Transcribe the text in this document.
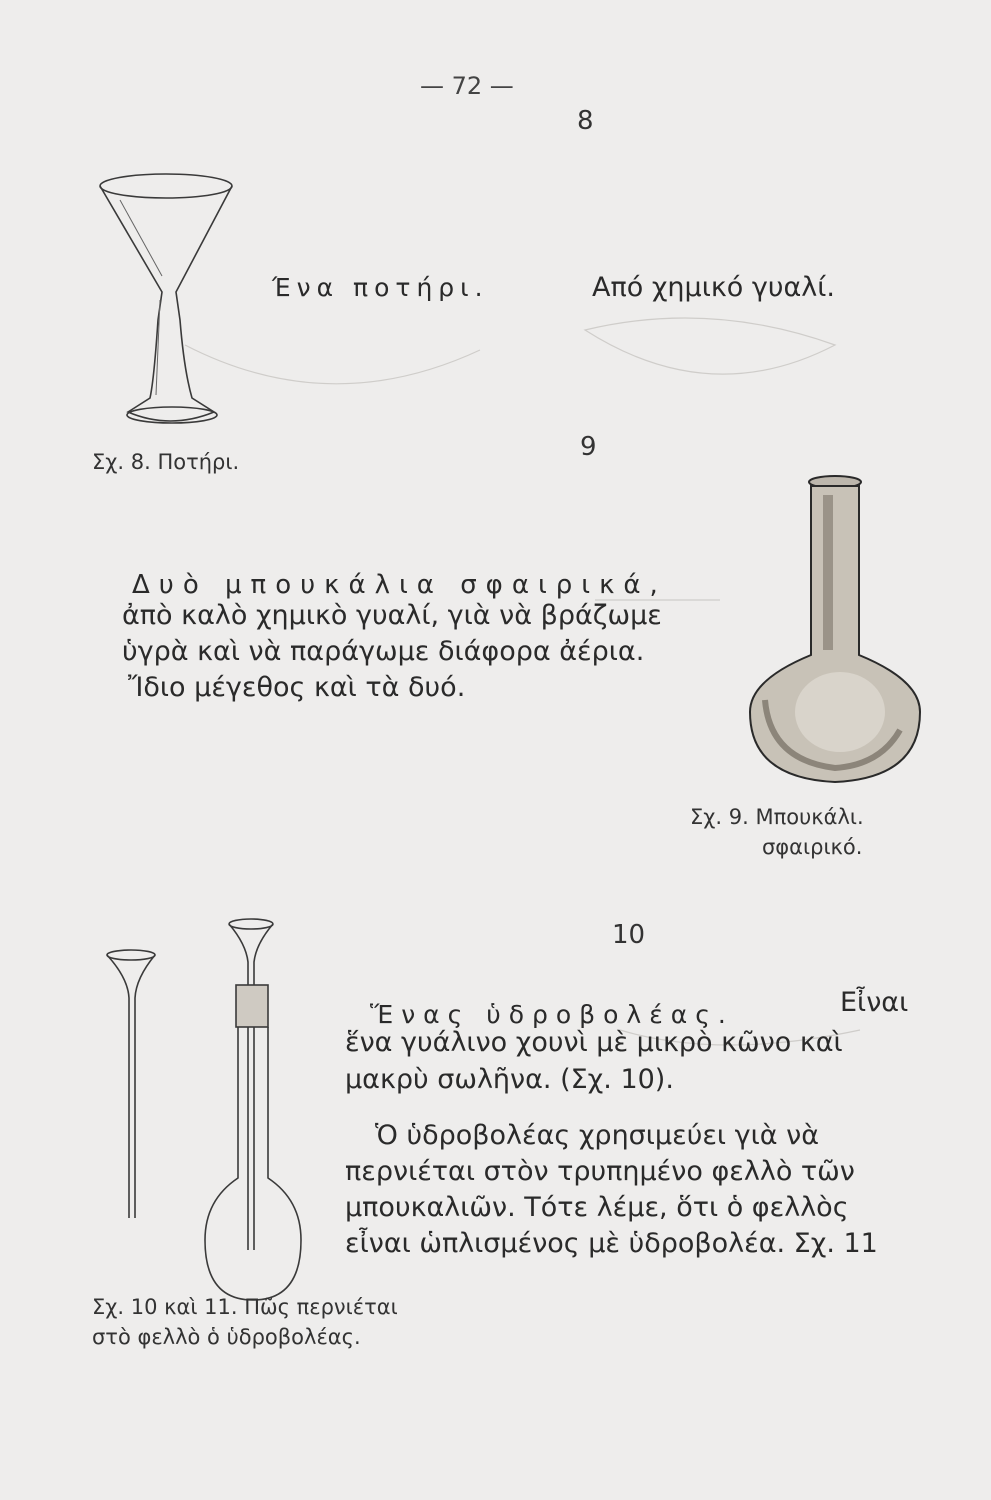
— 72 —
8
Ένα ποτήρι.	Από χημικό γυαλί.
Σχ. 8. Ποτήρι.	9
Δυὸ μπουκάλια σφαιρικά,
ἀπὸ καλὸ χημικὸ γυαλί, γιὰ νὰ βράζωμε
ὑγρὰ καὶ νὰ παράγωμε διάφορα ἀέρια.
Ἴδιο μέγεθος καὶ τὰ δυό.
Σχ. 9. Μπουκάλι.
σφαιρικό.
10
Ἕνας ὑδροβολέας.	Εἶναι
ἕνα γυάλινο χουνὶ μὲ μικρὸ κῶνο καὶ
μακρὺ σωλῆνα. (Σχ. 10).
Ὁ ὑδροβολέας χρησιμεύει γιὰ νὰ
περνιέται στὸν τρυπημένο φελλὸ τῶν
μπουκαλιῶν. Τότε λέμε, ὅτι ὁ φελλὸς
εἶναι ὡπλισμένος μὲ ὑδροβολέα. Σχ. 11
Σχ. 10 καὶ 11. Πῶς περνιέται
στὸ φελλὸ ὁ ὑδροβολέας.
